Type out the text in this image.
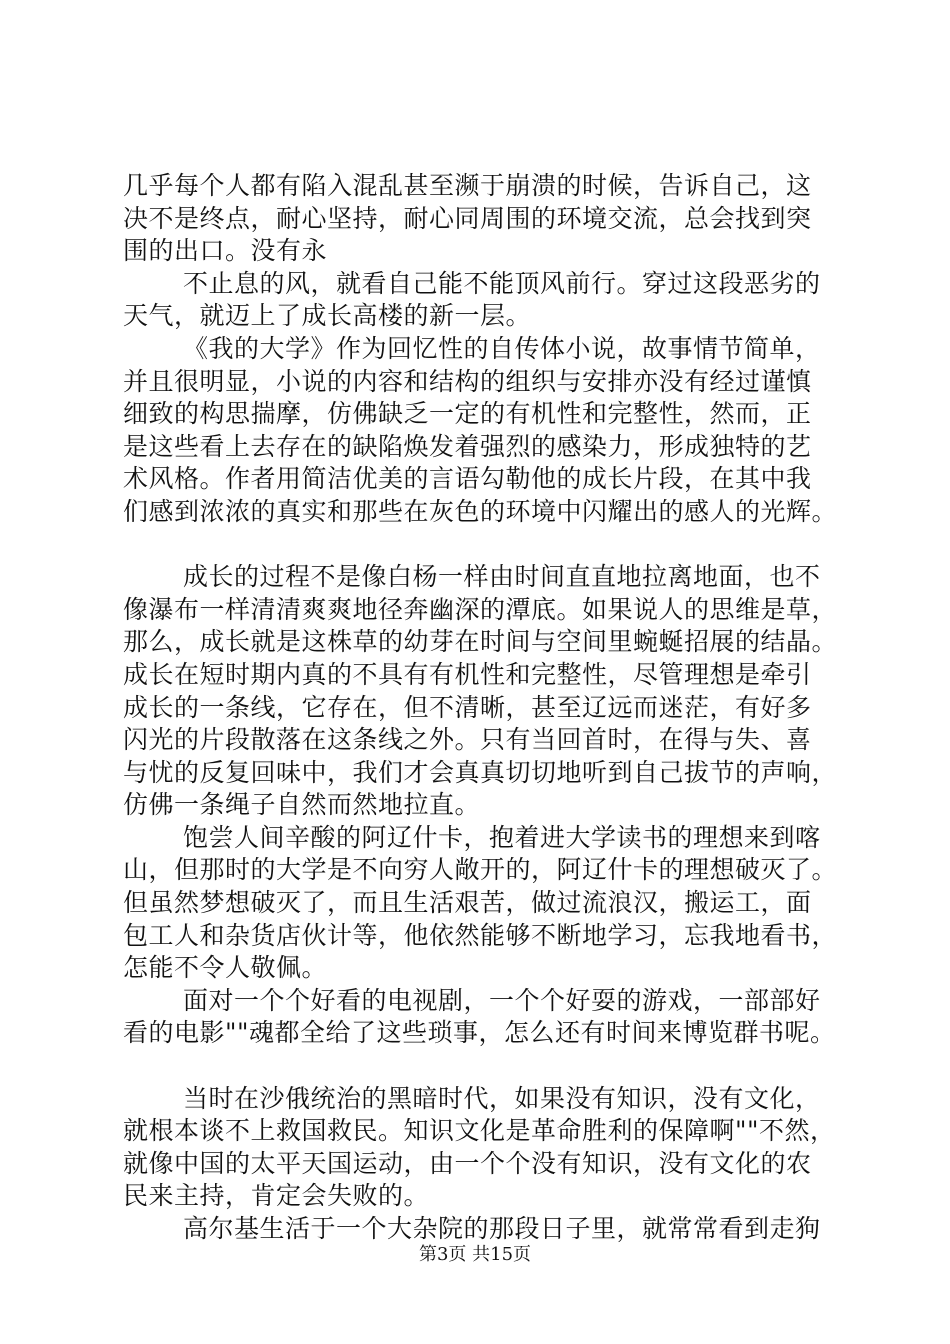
几乎每个人都有陷入混乱甚至濒于崩溃的时候，告诉自己，这
决不是终点，耐心坚持，耐心同周围的环境交流，总会找到突
围的出口。没有永
不止息的风，就看自己能不能顶风前行。穿过这段恶劣的
天气，就迈上了成长高楼的新一层。
《我的大学》作为回忆性的自传体小说，故事情节简单，
并且很明显，小说的内容和结构的组织与安排亦没有经过谨慎
细致的构思揣摩，仿佛缺乏一定的有机性和完整性，然而，正
是这些看上去存在的缺陷焕发着强烈的感染力，形成独特的艺
术风格。作者用简洁优美的言语勾勒他的成长片段，在其中我
们感到浓浓的真实和那些在灰色的环境中闪耀出的感人的光辉。
成长的过程不是像白杨一样由时间直直地拉离地面，也不
像瀑布一样清清爽爽地径奔幽深的潭底。如果说人的思维是草，
那么，成长就是这株草的幼芽在时间与空间里蜿蜒招展的结晶。
成长在短时期内真的不具有有机性和完整性，尽管理想是牵引
成长的一条线，它存在，但不清晰，甚至辽远而迷茫，有好多
闪光的片段散落在这条线之外。只有当回首时，在得与失、喜
与忧的反复回味中，我们才会真真切切地听到自己拔节的声响，
仿佛一条绳子自然而然地拉直。
饱尝人间辛酸的阿辽什卡，抱着进大学读书的理想来到喀
山，但那时的大学是不向穷人敞开的，阿辽什卡的理想破灭了。
但虽然梦想破灭了，而且生活艰苦，做过流浪汉，搬运工，面
包工人和杂货店伙计等，他依然能够不断地学习，忘我地看书，
怎能不令人敬佩。
面对一个个好看的电视剧，一个个好耍的游戏，一部部好
看的电影""魂都全给了这些琐事，怎么还有时间来博览群书呢。
当时在沙俄统治的黑暗时代，如果没有知识，没有文化，
就根本谈不上救国救民。知识文化是革命胜利的保障啊""不然，
就像中国的太平天国运动，由一个个没有知识，没有文化的农
民来主持，肯定会失败的。
高尔基生活于一个大杂院的那段日子里，就常常看到走狗
第3页 共15页
